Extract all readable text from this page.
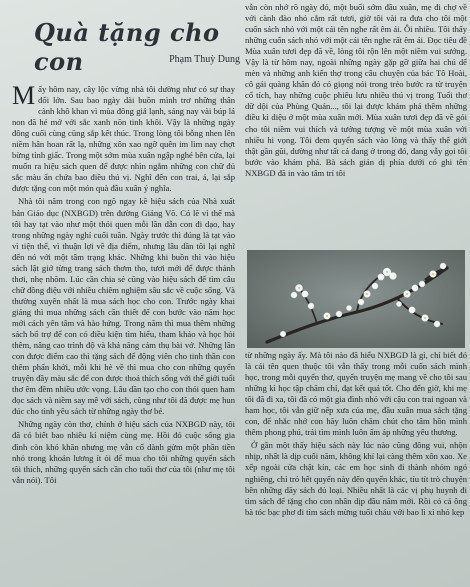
Quà tặng cho con	Phạm Thuỳ Dung

Mấy hôm nay, cây lộc vừng nhà tôi dường như có sự thay đổi lớn. Sau bao ngày dài buồn mình trơ những thân cành khô khan vì mùa đông giá lạnh, sáng nay vài búp lá non đã hé mở với sắc xanh nõn tinh khôi. Vậy là những ngày đông cuối cùng cũng sắp kết thúc. Trong lòng tôi bỗng nhen lên niềm hân hoan rất lạ, những xôn xao ngỡ quên im lìm nay chợt bừng tỉnh giấc. Trong một sớm mùa xuân ngập nghé bên cửa, lại muốn ra hiệu sách quen để được nhìn ngắm những con chữ đủ sắc màu ẩn chứa bao điều thú vị. Nghĩ đến con trai, á, lại sắp được tặng con một món quà đầu xuân ý nghĩa.

Nhà tôi năm trong con ngõ ngay kề hiệu sách của Nhà xuất bản Giáo dục (NXBGD) trên đường Giảng Võ. Có lẽ vì thế mà tôi hay tạt vào như một thói quen mỗi lần dẫn con đi dạo, hay trong những ngày nghỉ cuối tuần. Ngày trước thì đúng là tạt vào vì tiện thể, vì thuận lợi về địa điểm, nhưng lâu dần tôi lại nghĩ đến nó với một tâm trạng khác. Những khi buồn thì vào hiệu sách lật giở từng trang sách thơm tho, tươi mới để được thảnh thơi, nhẹ nhõm. Lúc cần chia sẻ cũng vào hiệu sách để tìm câu chữ đồng điệu với nhiều chiêm nghiệm sâu sắc về cuộc sống. Và thường xuyên nhất là mua sách học cho con. Trước ngày khai giảng thì mua những sách cần thiết để con bước vào năm học mới cách yên tâm và hào hứng. Trong năm thì mua thêm những sách bổ trợ để con có điều kiện tìm hiểu, tham khảo và học hỏi thêm, nâng cao trình độ và khả năng cảm thụ bài vở. Những lần con được điểm cao thì tặng sách để động viên cho tinh thần con thêm phấn khởi, mỗi khi hè về thì mua cho con những quyển truyện đầy màu sắc để con được thoả thích sống với thế giới tuổi thơ êm đềm nhiều ước vọng. Lâu dần tạo cho con thói quen ham đọc sách và niềm say mê với sách, cũng như tôi đã được mẹ hun đúc cho tình yêu sách từ những ngày thơ bé.

Những ngày còn thơ, chính ở hiệu sách của NXBGD này, tôi đã có biết bao nhiêu kỉ niệm cùng mẹ. Hồi đó cuộc sống gia đình còn khó khăn nhưng mẹ vẫn cố dành gửm một phần tiền nhỏ trong khoản lương ít ỏi để mua cho tôi những quyển sách tôi thích, những quyển sách cần cho tuổi thơ của tôi (như mẹ tôi vẫn nói). Tôi

vẫn còn nhớ rõ ngày đó, một buổi sớm đầu xuân, mẹ đi chợ về với cành đào nhỏ cắm rất tươi, giờ tôi vài ra đưa cho tôi một cuốn sách nhỏ với một cái tên nghe rất êm ái. Ôi nhiều. Tôi thấy những cuốn sách nhỏ với một cái tên nghe rất êm ái. Đọc tiêu đề Mùa xuân tươi đẹp đã về, lòng tôi rộn lên một niềm vui sướng. Vậy là từ hôm nay, ngoài những ngày gặp gỡ giữa hai chú dế mèn và những anh kiến thợ trong câu chuyện của bác Tô Hoài, cô gái quàng khăn đỏ có giọng nói trong trẻo bước ra từ truyện cổ tích, hay những cuộc phiêu lưu nhiều thú vị trong Tuổi thơ dữ dội của Phùng Quán..., tôi lại được khám phá thêm những điều kì diệu ở một mùa xuân mới. Mùa xuân tươi đẹp đã về gói cho tôi niềm vui thích và tưởng tượng về một mùa xuân với nhiều hi vọng. Tôi đem quyển sách vào lòng và thấy thế giới thật gần gũi, dường như tất cả đang ở trong đó, đang vẫy gọi tôi bước vào khám phá. Bà sách giản dị phía dưới có ghi tên NXBGD đã in vào tâm trí tôi

từ những ngày ấy. Mà tôi nào đã hiểu NXBGD là gì, chỉ biết đó là cái tên quen thuộc tôi vẫn thấy trong mỗi cuốn sách mình học, trong mỗi quyển thơ, quyển truyện mẹ mang về cho tôi sau những kì học tập chăm chỉ, đạt kết quả tốt. Cho đến giờ, khi mẹ tôi đã đi xa, tôi đã có một gia đình nhỏ với cậu con trai ngoan và ham học, tôi vẫn giữ nếp xưa của mẹ, đầu xuân mua sách tặng con, để nhắc nhở con hãy luôn chăm chút cho tâm hồn mình thêm phong phú, trải tìm mình luôn ấm áp những yêu thương.

Ở gần một thấy hiệu sách này lúc nào cũng đông vui, nhộn nhịp, nhất là dịp cuối năm, không khí lại càng thêm xôn xao. Xe xếp ngoài cửa chật kín, các em học sinh đi thành nhóm ngó nghiêng, chỉ trỏ hết quyển này đến quyển khác, tíu tít trò chuyện bên những dãy sách đủ loại. Nhiều nhất là các vị phụ huynh đi tìm sách để tặng cho con nhân dịp đầu năm mới. Rồi có cả ông bà tóc bạc phơ đi tìm sách mừng tuổi cháu với bao lì xì nhỏ kẹp
